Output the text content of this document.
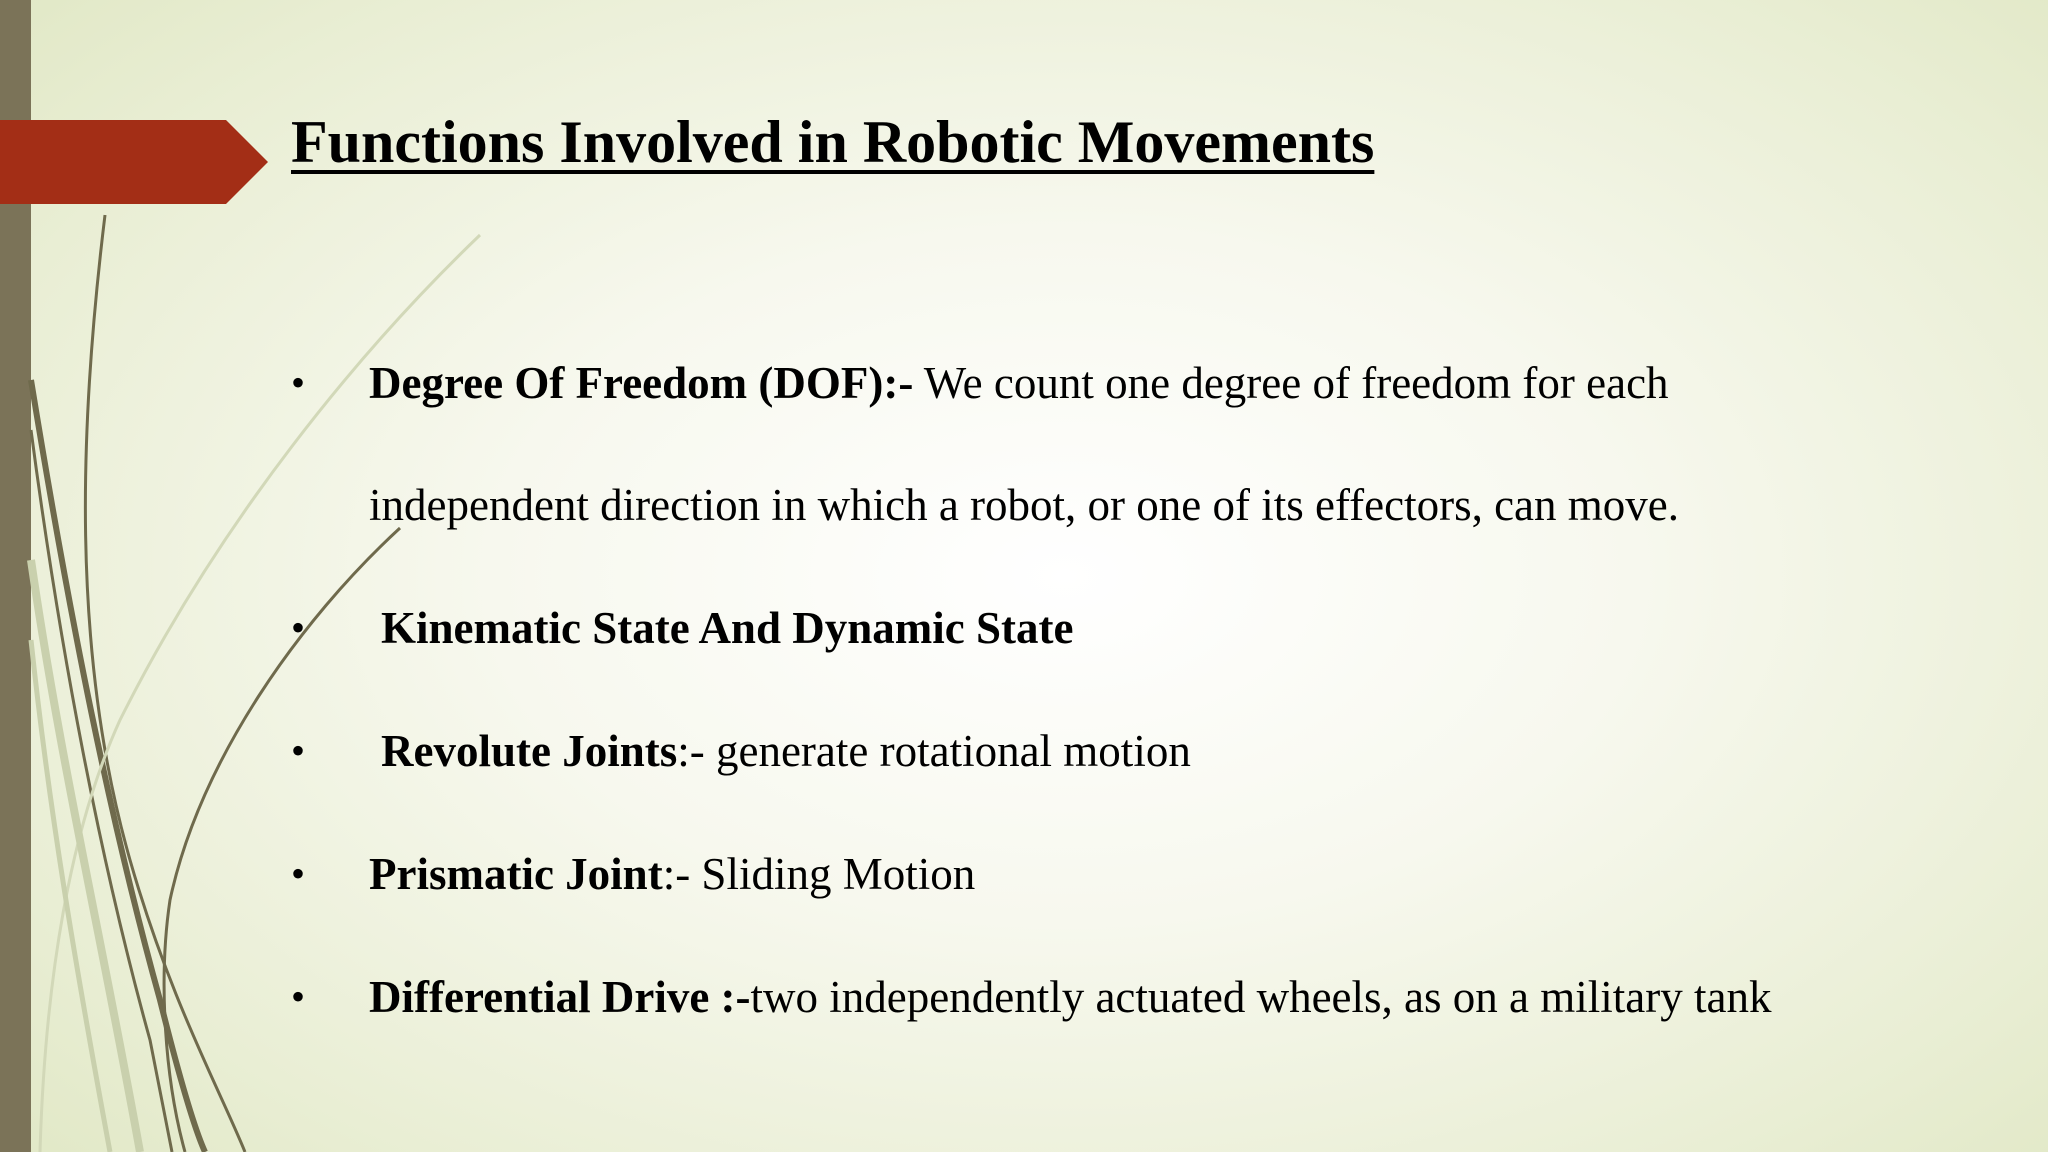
Functions Involved in Robotic Movements
• Degree Of Freedom (DOF):- We count one degree of freedom for each
independent direction in which a robot, or one of its effectors, can move.
• Kinematic State And Dynamic State
• Revolute Joints:- generate rotational motion
• Prismatic Joint:- Sliding Motion
• Differential Drive :-two independently actuated wheels, as on a military tank
